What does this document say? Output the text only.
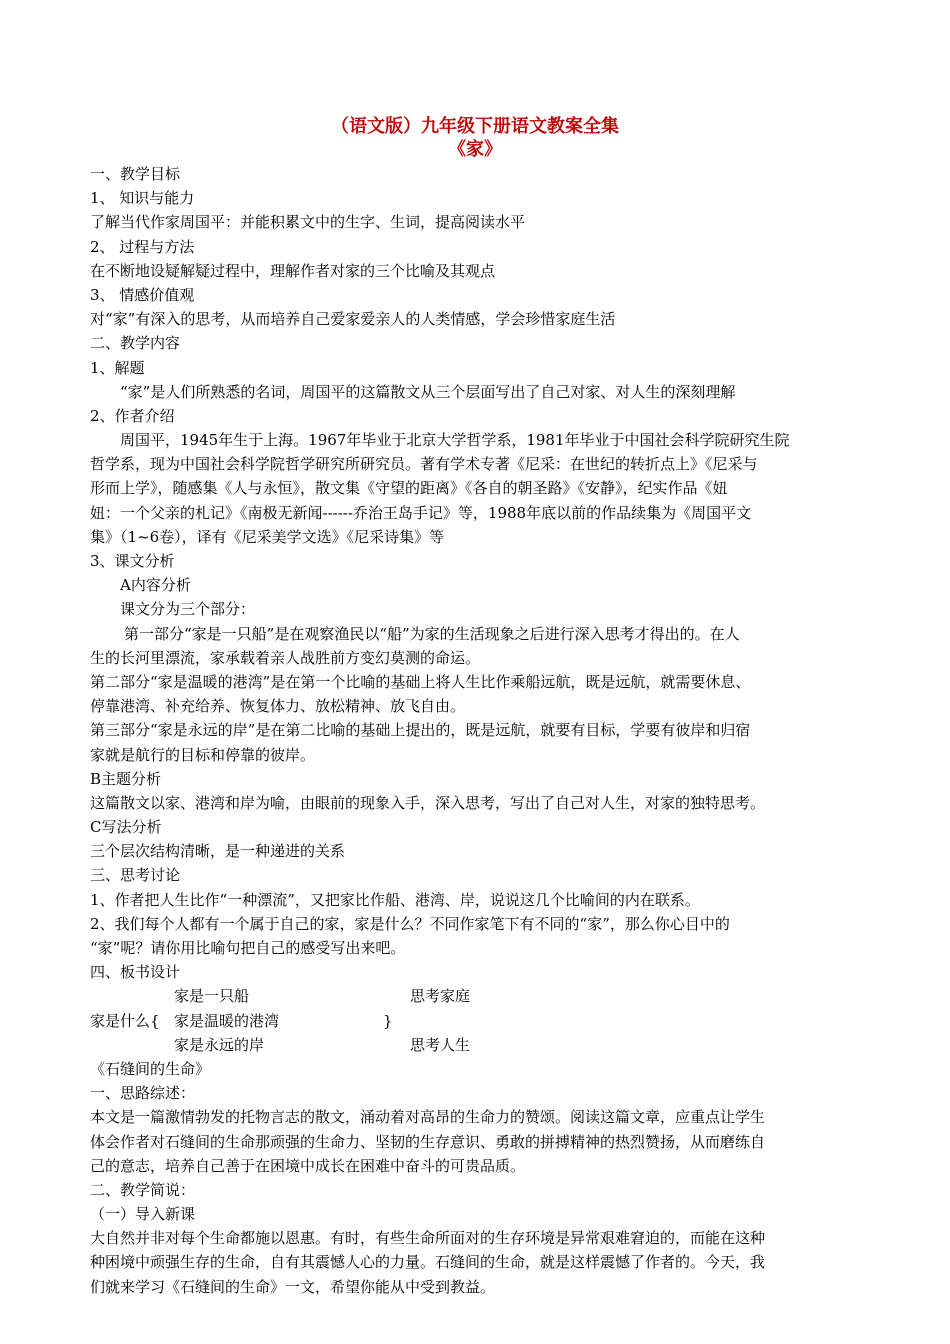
（语文版）九年级下册语文教案全集
《家》
一、教学目标
1、 知识与能力
了解当代作家周国平：并能积累文中的生字、生词，提高阅读水平
2、 过程与方法
在不断地设疑解疑过程中，理解作者对家的三个比喻及其观点
3、 情感价值观
对“家”有深入的思考，从而培养自己爱家爱亲人的人类情感，学会珍惜家庭生活
二、教学内容
1、解题
“家”是人们所熟悉的名词，周国平的这篇散文从三个层面写出了自己对家、对人生的深刻理解
2、作者介绍
周国平，1945年生于上海。1967年毕业于北京大学哲学系，1981年毕业于中国社会科学院研究生院
哲学系，现为中国社会科学院哲学研究所研究员。著有学术专著《尼采：在世纪的转折点上》《尼采与
形而上学》，随感集《人与永恒》，散文集《守望的距离》《各自的朝圣路》《安静》，纪实作品《妞
妞：一个父亲的札记》《南极无新闻------乔治王岛手记》等，1988年底以前的作品续集为《周国平文
集》（1~6卷），译有《尼采美学文选》《尼采诗集》等
3、课文分析
A内容分析
课文分为三个部分：
第一部分“家是一只船”是在观察渔民以“船”为家的生活现象之后进行深入思考才得出的。在人
生的长河里漂流，家承载着亲人战胜前方变幻莫测的命运。
第二部分“家是温暖的港湾”是在第一个比喻的基础上将人生比作乘船远航，既是远航，就需要休息、
停靠港湾、补充给养、恢复体力、放松精神、放飞自由。
第三部分“家是永远的岸”是在第二比喻的基础上提出的，既是远航，就要有目标，学要有彼岸和归宿
家就是航行的目标和停靠的彼岸。
B主题分析
这篇散文以家、港湾和岸为喻，由眼前的现象入手，深入思考，写出了自己对人生，对家的独特思考。
C写法分析
三个层次结构清晰，是一种递进的关系
三、思考讨论
1、作者把人生比作“一种漂流”，又把家比作船、港湾、岸，说说这几个比喻间的内在联系。
2、我们每个人都有一个属于自己的家，家是什么？不同作家笔下有不同的“家”，那么你心目中的
“家”呢？请你用比喻句把自己的感受写出来吧。
四、板书设计
家是一只船	思考家庭
家是什么{ 家是温暖的港湾	}
家是永远的岸	思考人生
《石缝间的生命》
一、思路综述：
本文是一篇激情勃发的托物言志的散文，涌动着对高昂的生命力的赞颂。阅读这篇文章，应重点让学生
体会作者对石缝间的生命那顽强的生命力、坚韧的生存意识、勇敢的拼搏精神的热烈赞扬，从而磨练自
己的意志，培养自己善于在困境中成长在困难中奋斗的可贵品质。
二、教学简说：
（一）导入新课
大自然并非对每个生命都施以恩惠。有时，有些生命所面对的生存环境是异常艰难窘迫的，而能在这种
种困境中顽强生存的生命，自有其震憾人心的力量。石缝间的生命，就是这样震憾了作者的。今天，我
们就来学习《石缝间的生命》一文，希望你能从中受到教益。
